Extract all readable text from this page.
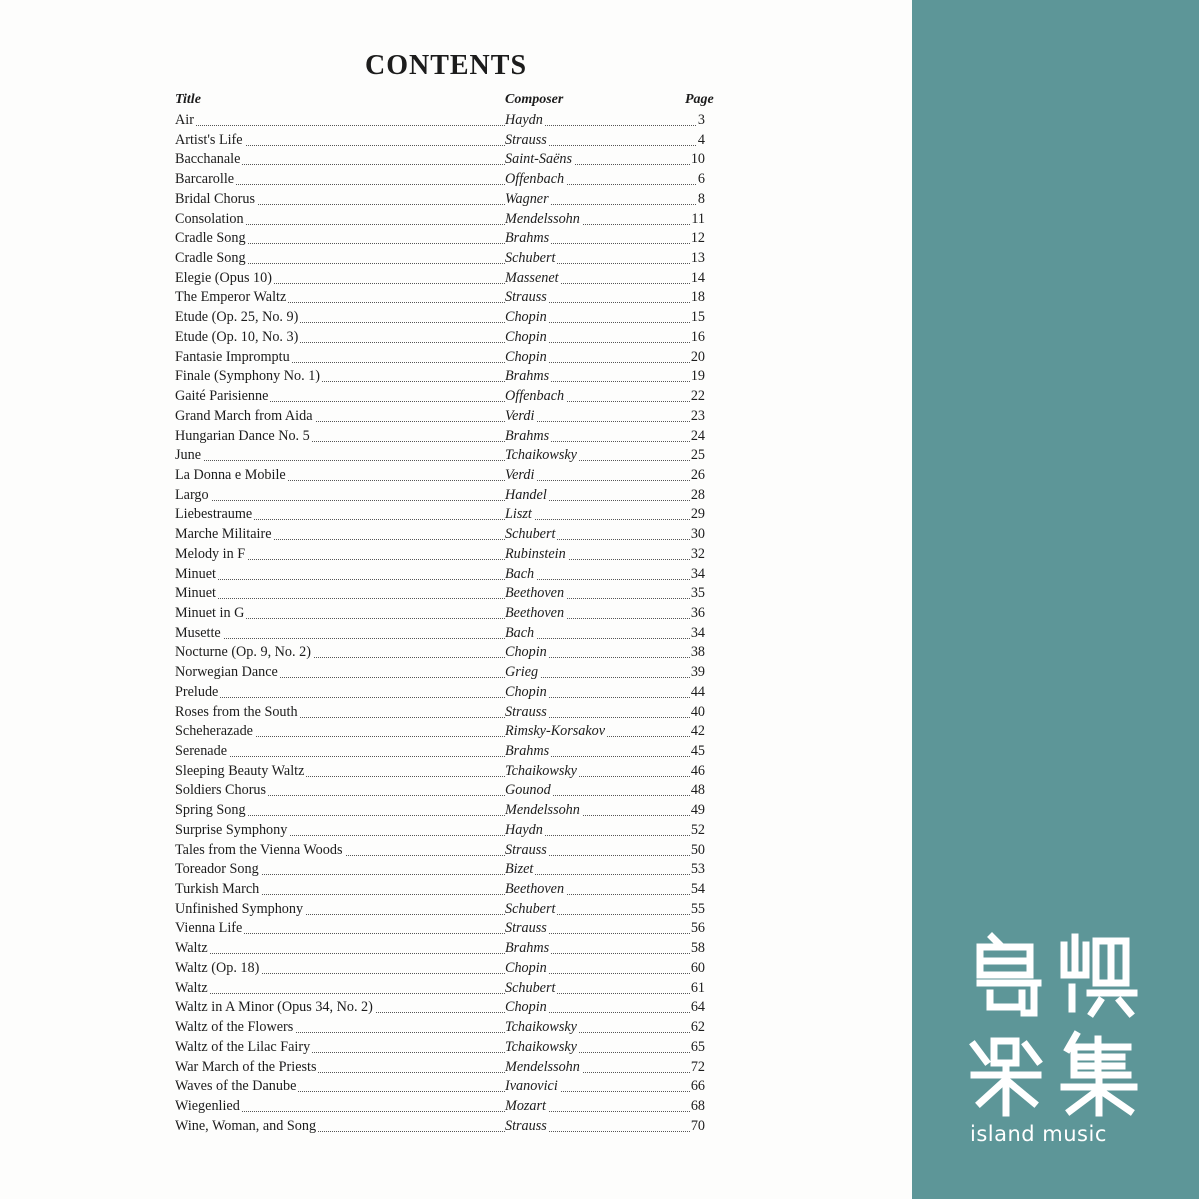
CONTENTS
Title	Composer	Page
Air	Haydn	3
Artist's Life	Strauss	4
Bacchanale	Saint-Saëns	10
Barcarolle	Offenbach	6
Bridal Chorus	Wagner	8
Consolation	Mendelssohn	11
Cradle Song	Brahms	12
Cradle Song	Schubert	13
Elegie (Opus 10)	Massenet	14
The Emperor Waltz	Strauss	18
Etude (Op. 25, No. 9)	Chopin	15
Etude (Op. 10, No. 3)	Chopin	16
Fantasie Impromptu	Chopin	20
Finale (Symphony No. 1)	Brahms	19
Gaité Parisienne	Offenbach	22
Grand March from Aida	Verdi	23
Hungarian Dance No. 5	Brahms	24
June	Tchaikowsky	25
La Donna e Mobile	Verdi	26
Largo	Handel	28
Liebestraume	Liszt	29
Marche Militaire	Schubert	30
Melody in F	Rubinstein	32
Minuet	Bach	34
Minuet	Beethoven	35
Minuet in G	Beethoven	36
Musette	Bach	34
Nocturne (Op. 9, No. 2)	Chopin	38
Norwegian Dance	Grieg	39
Prelude	Chopin	44
Roses from the South	Strauss	40
Scheherazade	Rimsky-Korsakov	42
Serenade	Brahms	45
Sleeping Beauty Waltz	Tchaikowsky	46
Soldiers Chorus	Gounod	48
Spring Song	Mendelssohn	49
Surprise Symphony	Haydn	52
Tales from the Vienna Woods	Strauss	50
Toreador Song	Bizet	53
Turkish March	Beethoven	54
Unfinished Symphony	Schubert	55
Vienna Life	Strauss	56
Waltz	Brahms	58
Waltz (Op. 18)	Chopin	60
Waltz	Schubert	61
Waltz in A Minor (Opus 34, No. 2)	Chopin	64
Waltz of the Flowers	Tchaikowsky	62
Waltz of the Lilac Fairy	Tchaikowsky	65
War March of the Priests	Mendelssohn	72
Waves of the Danube	Ivanovici	66
Wiegenlied	Mozart	68
Wine, Woman, and Song	Strauss	70	island music
